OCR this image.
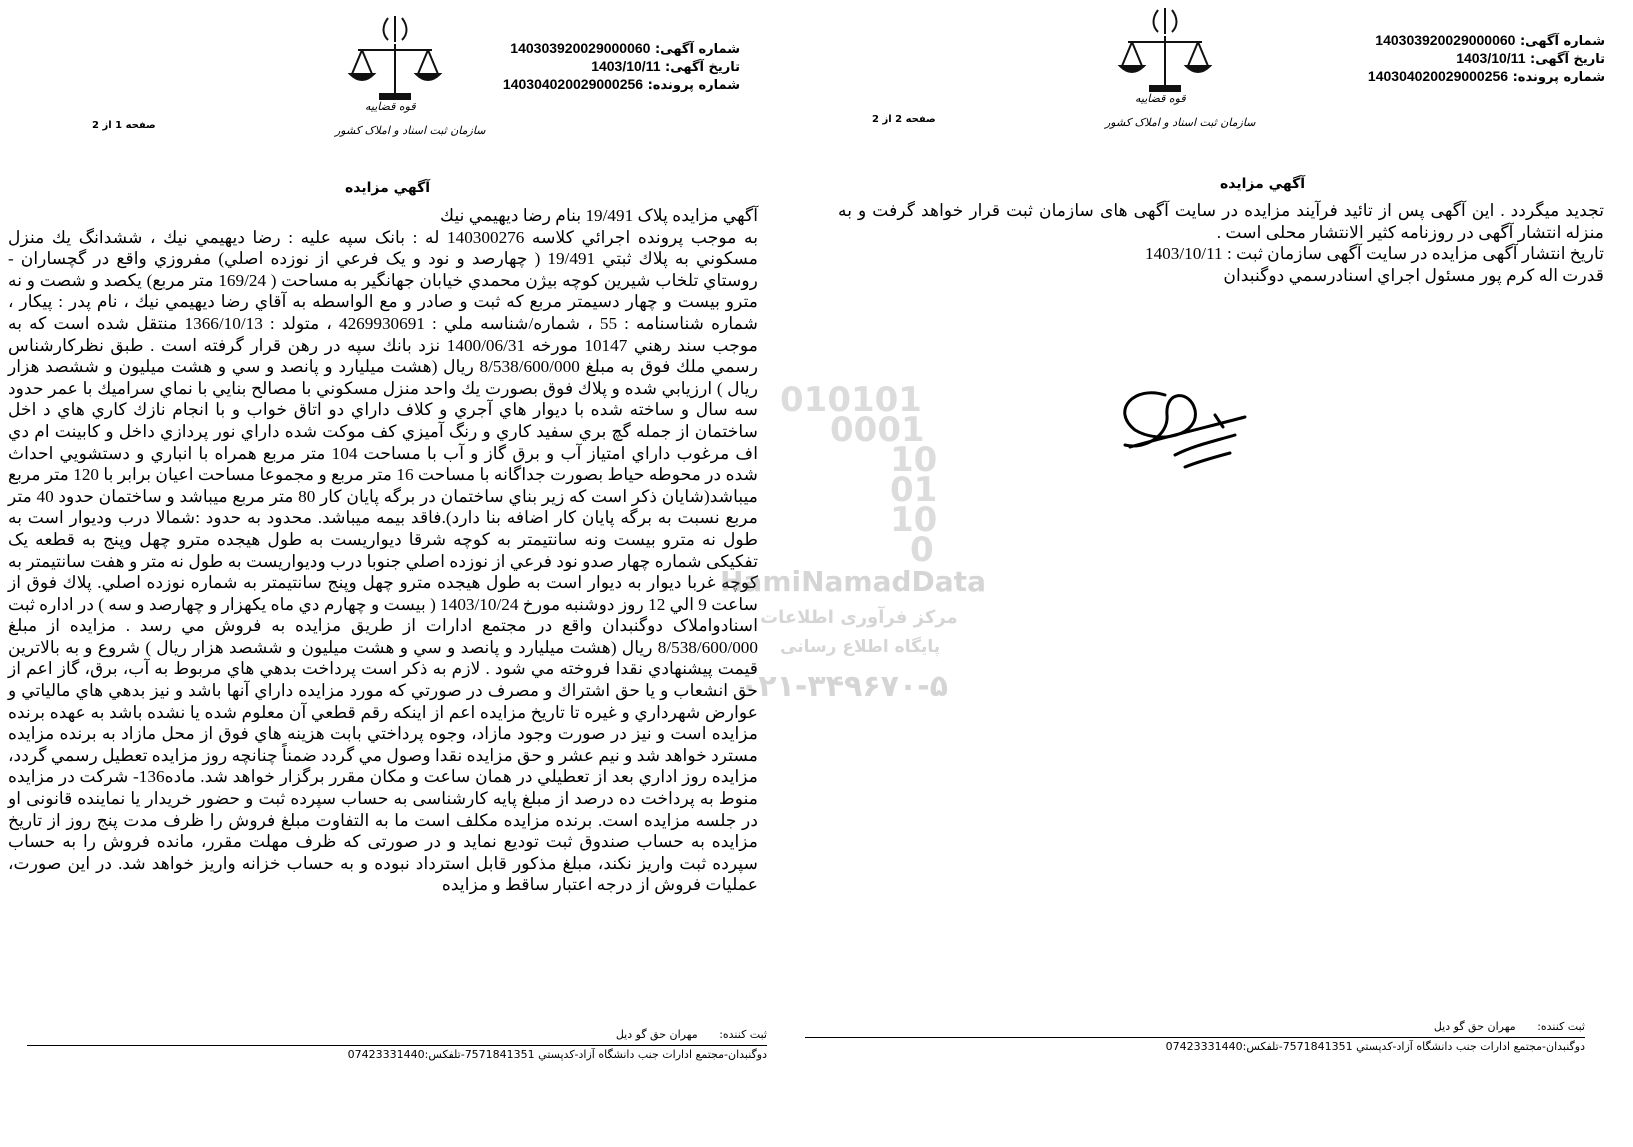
شماره آگهی: 140303920029000060
تاریخ آگهی: 1403/10/11
شماره پرونده: 140304020029000256
قوه قضاییه
سازمان ثبت اسناد و املاک کشور
صفحه 1 از 2
آگهي مزايده

آگهي مزايده پلاک 19/491 بنام رضا ديهيمي نيك

به موجب پرونده اجرائي كلاسه 140300276 له : بانک سپه عليه : رضا ديهيمي نيك ، ششدانگ يك منزل مسكوني به پلاك ثبتي 19/491 ( چهارصد و نود و یک فرعي از نوزده اصلي) مفروزي واقع در گچساران - روستاي تلخاب شيرين كوچه بيژن محمدي خيابان جهانگير به مساحت ( 169/24 متر مربع) یکصد و شصت و نه مترو بيست و چهار دسيمتر مربع كه ثبت و صادر و مع الواسطه به آقاي رضا ديهيمي نيك ، نام پدر : پيكار ، شماره شناسنامه : 55 ، شماره/شناسه ملي : 4269930691 ، متولد : 1366/10/13 منتقل شده است كه به موجب سند رهني 10147 مورخه 1400/06/31 نزد بانك سپه در رهن قرار گرفته است . طبق نظركارشناس رسمي ملك فوق به مبلغ 8/538/600/000 ريال (هشت ميليارد و پانصد و سي و هشت ميليون و ششصد هزار ريال ) ارزيابي شده و پلاك فوق بصورت يك واحد منزل مسكوني با مصالح بنايي با نماي سراميك با عمر حدود سه سال و ساخته شده با ديوار هاي آجري و كلاف داراي دو اتاق خواب و با انجام نازك كاري هاي د اخل ساختمان از جمله گچ بري سفيد كاري و رنگ آميزي كف موكت شده داراي نور پردازي داخل و كابينت ام دي اف مرغوب داراي امتياز آب و برق گاز و آب با مساحت 104 متر مربع همراه با انباري و دستشويي احداث شده در محوطه حياط بصورت جداگانه با مساحت 16 متر مربع و مجموعا مساحت اعيان برابر با 120 متر مربع ميباشد(شايان ذكر است كه زير بناي ساختمان در برگه پايان كار 80 متر مربع ميباشد و ساختمان حدود 40 متر مربع نسبت به برگه پايان كار اضافه بنا دارد).فاقد بيمه ميباشد. محدود به حدود :شمالا درب وديوار است به طول نه مترو بيست ونه سانتيمتر به كوچه شرقا ديواريست به طول هيجده مترو چهل وپنج به قطعه یک تفکیکی شماره چهار صدو نود فرعي از نوزده اصلي جنوبا درب وديواريست به طول نه متر و هفت سانتيمتر به كوچه غربا ديوار به ديوار است به طول هيجده مترو چهل وپنج سانتيمتر به شماره نوزده اصلي. پلاك فوق از ساعت 9 الي 12 روز دوشنبه مورخ 1403/10/24 ( بيست و چهارم دي ماه يكهزار و چهارصد و سه ) در اداره ثبت اسنادواملاک دوگنبدان واقع در مجتمع ادارات از طريق مزايده به فروش مي رسد . مزايده از مبلغ 8/538/600/000 ريال (هشت ميليارد و پانصد و سي و هشت ميليون و ششصد هزار ريال ) شروع و به بالاترين قيمت پيشنهادي نقدا فروخته مي شود . لازم به ذكر است پرداخت بدهي هاي مربوط به آب، برق، گاز اعم از حق انشعاب و يا حق اشتراك و مصرف در صورتي كه مورد مزايده داراي آنها باشد و نيز بدهي هاي مالياتي و عوارض شهرداري و غيره تا تاريخ مزايده اعم از اينكه رقم قطعي آن معلوم شده يا نشده باشد به عهده برنده مزايده است و نيز در صورت وجود مازاد، وجوه پرداختي بابت هزينه هاي فوق از محل مازاد به برنده مزايده مسترد خواهد شد و نيم عشر و حق مزايده نقدا وصول مي گردد ضمناً چنانچه روز مزايده تعطيل رسمي گردد، مزايده روز اداري بعد از تعطيلي در همان ساعت و مكان مقرر برگزار خواهد شد. ماده136- شرکت در مزايده منوط به پرداخت ده درصد از مبلغ پايه کارشناسی به حساب سپرده ثبت و حضور خريدار يا نماينده قانونی او در جلسه مزايده است. برنده مزايده مکلف است ما به التفاوت مبلغ فروش را ظرف مدت پنج روز از تاريخ مزايده به حساب صندوق ثبت توديع نمايد و در صورتی که ظرف مهلت مقرر، مانده فروش را به حساب سپرده ثبت واريز نکند، مبلغ مذکور قابل استرداد نبوده و به حساب خزانه واريز خواهد شد. در اين صورت، عمليات فروش از درجه اعتبار ساقط و مزايده

ثبت كننده: مهران حق گو ديل
دوگنبدان-مجتمع ادارات جنب دانشگاه آزاد-كدپستي 7571841351-تلفكس:07423331440
شماره آگهی: 140303920029000060
تاریخ آگهی: 1403/10/11
شماره پرونده: 140304020029000256
قوه قضاییه
سازمان ثبت اسناد و املاک کشور
صفحه 2 از 2
آگهي مزايده

تجديد ميگردد . اين آگهی پس از تائيد فرآيند مزايده در سايت آگهی های سازمان ثبت قرار خواهد گرفت و به منزله انتشار آگهی در روزنامه كثير الانتشار محلی است .

تاریخ انتشار آگهی مزایده در سایت آگهی سازمان ثبت : 1403/10/11

قدرت اله كرم پور مسئول اجراي اسنادرسمي دوگنبدان

ثبت كننده: مهران حق گو ديل
دوگنبدان-مجتمع ادارات جنب دانشگاه آزاد-كدپستي 7571841351-تلفكس:07423331440
010101
0001
10
01
10
0
HamiNamadData
مرکز فرآوری اطلاعات
پایگاه اطلاع رسانی
۰۲۱-۳۴۹۶۷۰-۵
